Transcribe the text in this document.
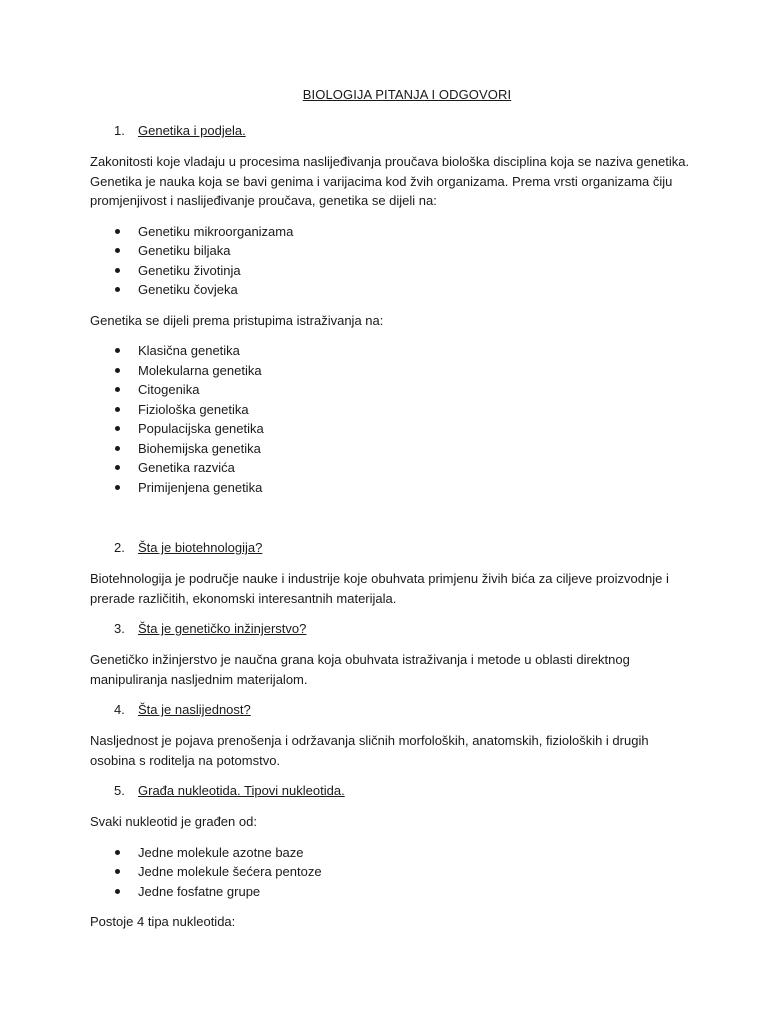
BIOLOGIJA PITANJA I ODGOVORI
1. Genetika i podjela.

Zakonitosti koje vladaju u procesima naslijeđivanja proučava biološka disciplina koja se naziva genetika. Genetika je nauka koja se bavi genima i varijacima kod žvih organizama. Prema vrsti organizama čiju promjenjivost i naslijeđivanje proučava, genetika se dijeli na:

Genetiku mikroorganizama
Genetiku biljaka
Genetiku životinja
Genetiku čovjeka

Genetika se dijeli prema pristupima istraživanja na:

Klasična genetika
Molekularna genetika
Citogenika
Fiziološka genetika
Populacijska genetika
Biohemijska genetika
Genetika razvića
Primijenjena genetika
2. Šta je biotehnologija?

Biotehnologija je područje nauke i industrije koje obuhvata primjenu živih bića za ciljeve proizvodnje i prerade različitih, ekonomski interesantnih materijala.

3. Šta je genetičko inžinjerstvo?

Genetičko inžinjerstvo je naučna grana koja obuhvata istraživanja i metode u oblasti direktnog manipuliranja nasljednim materijalom.

4. Šta je naslijednost?

Nasljednost je pojava prenošenja i održavanja sličnih morfoloških, anatomskih, fizioloških i drugih osobina s roditelja na potomstvo.

5. Građa nukleotida. Tipovi nukleotida.

Svaki nukleotid je građen od:

Jedne molekule azotne baze
Jedne molekule šećera pentoze
Jedne fosfatne grupe

Postoje 4 tipa nukleotida:
